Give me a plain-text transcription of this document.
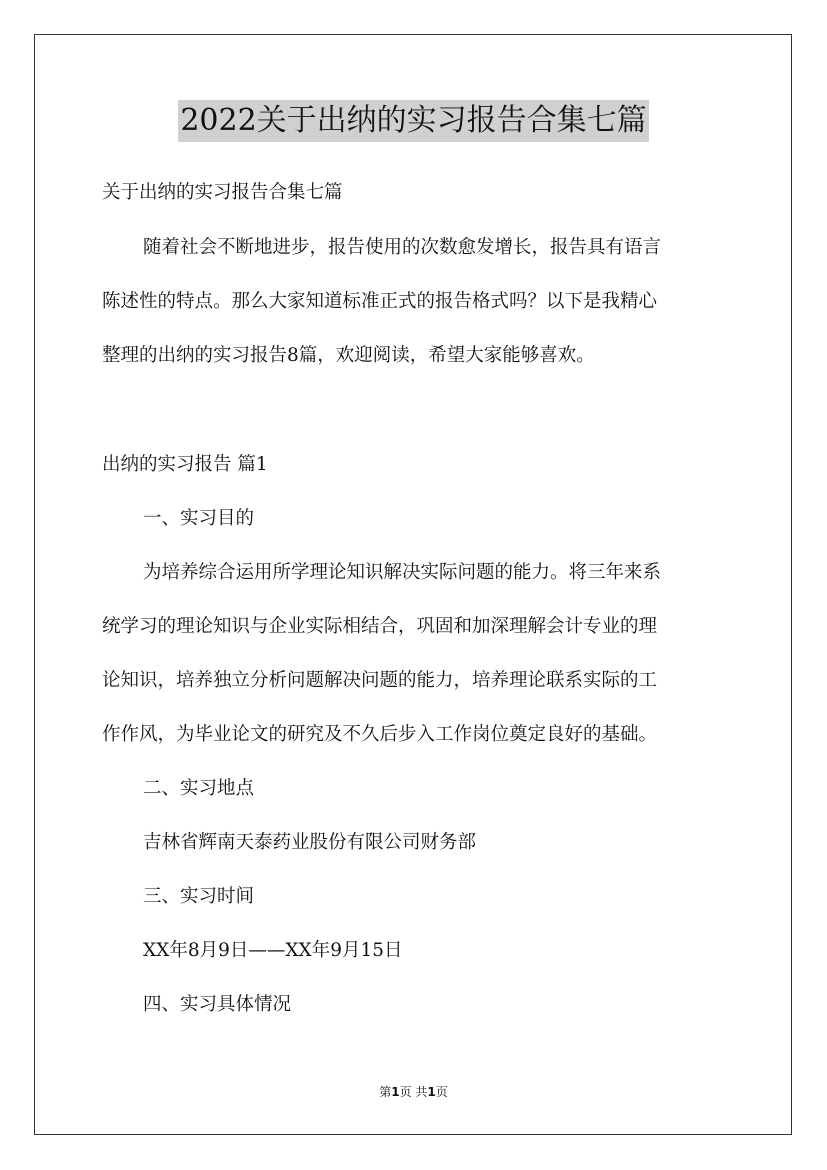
2022关于出纳的实习报告合集七篇
关于出纳的实习报告合集七篇
随着社会不断地进步，报告使用的次数愈发增长，报告具有语言
陈述性的特点。那么大家知道标准正式的报告格式吗？以下是我精心
整理的出纳的实习报告8篇，欢迎阅读，希望大家能够喜欢。
出纳的实习报告 篇1
一、实习目的
为培养综合运用所学理论知识解决实际问题的能力。将三年来系
统学习的理论知识与企业实际相结合，巩固和加深理解会计专业的理
论知识，培养独立分析问题解决问题的能力，培养理论联系实际的工
作作风，为毕业论文的研究及不久后步入工作岗位奠定良好的基础。
二、实习地点
吉林省辉南天泰药业股份有限公司财务部
三、实习时间
XX年8月9日——XX年9月15日
四、实习具体情况
第1页 共1页
